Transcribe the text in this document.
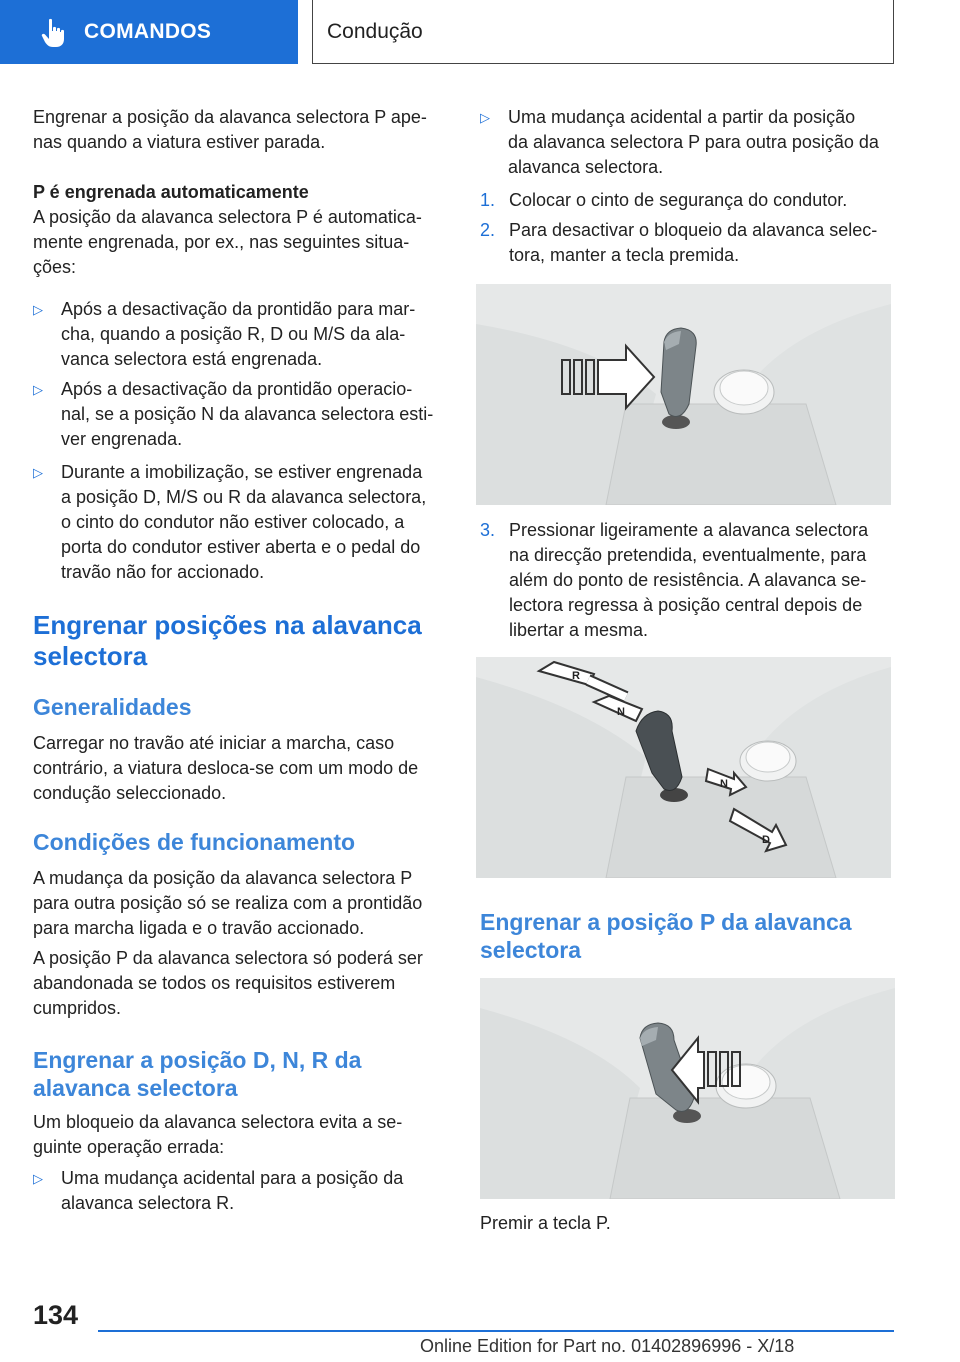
COMANDOS	Condução

Engrenar a posição da alavanca selectora P ape-
nas quando a viatura estiver parada.

P é engrenada automaticamente

A posição da alavanca selectora P é automatica-
mente engrenada, por ex., nas seguintes situa-
ções:

▷ Após a desactivação da prontidão para mar-
cha, quando a posição R, D ou M/S da ala-
vanca selectora está engrenada.
▷ Após a desactivação da prontidão operacio-
nal, se a posição N da alavanca selectora esti-
ver engrenada.
▷ Durante a imobilização, se estiver engrenada
a posição D, M/S ou R da alavanca selectora,
o cinto do condutor não estiver colocado, a
porta do condutor estiver aberta e o pedal do
travão não for accionado.
Engrenar posições na alavanca
selectora
Generalidades

Carregar no travão até iniciar a marcha, caso
contrário, a viatura desloca-se com um modo de
condução seleccionado.

Condições de funcionamento

A mudança da posição da alavanca selectora P
para outra posição só se realiza com a prontidão
para marcha ligada e o travão accionado.

A posição P da alavanca selectora só poderá ser
abandonada se todos os requisitos estiverem
cumpridos.

Engrenar a posição D, N, R da
alavanca selectora

Um bloqueio da alavanca selectora evita a se-
guinte operação errada:

▷ Uma mudança acidental para a posição da
alavanca selectora R.
▷ Uma mudança acidental a partir da posição
da alavanca selectora P para outra posição da
alavanca selectora.
1. Colocar o cinto de segurança do condutor.
2. Para desactivar o bloqueio da alavanca selec-
tora, manter a tecla premida.
3. Pressionar ligeiramente a alavanca selectora
na direcção pretendida, eventualmente, para
além do ponto de resistência. A alavanca se-
lectora regressa à posição central depois de
libertar a mesma.
R
N
N
D
Engrenar a posição P da alavanca
selectora

Premir a tecla P.

134
Online Edition for Part no. 01402896996 - X/18
